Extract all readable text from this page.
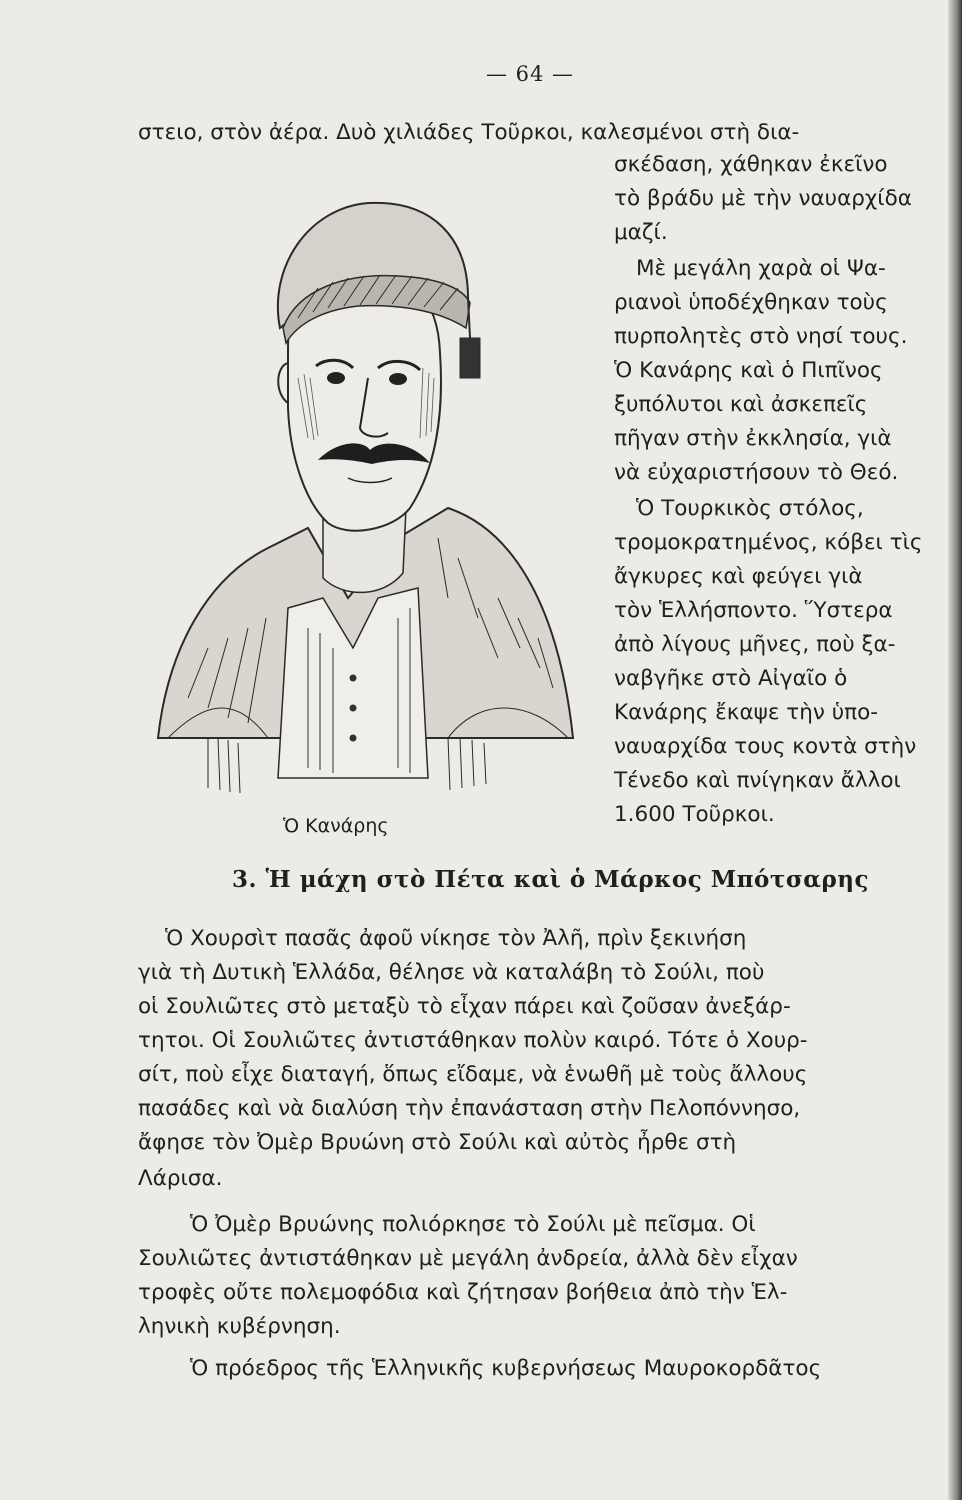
— 64 —
στειο, στὸν ἀέρα. Δυὸ χιλιάδες Τοῦρκοι, καλεσμένοι στὴ δια-
σκέδαση, χάθηκαν ἐκεῖνο
τὸ βράδυ μὲ τὴν ναυαρχίδα
μαζί.
Μὲ μεγάλη χαρὰ οἱ Ψα-
ριανοὶ ὑποδέχθηκαν τοὺς
πυρπολητὲς στὸ νησί τους.
Ὁ Κανάρης καὶ ὁ Πιπῖνος
ξυπόλυτοι καὶ ἀσκεπεῖς
πῆγαν στὴν ἐκκλησία, γιὰ
νὰ εὐχαριστήσουν τὸ Θεό.
Ὁ Τουρκικὸς στόλος,
τρομοκρατημένος, κόβει τὶς
ἄγκυρες καὶ φεύγει γιὰ
τὸν Ἑλλήσποντο. Ὕστερα
ἀπὸ λίγους μῆνες, ποὺ ξα-
ναβγῆκε στὸ Αἰγαῖο ὁ
Κανάρης ἔκαψε τὴν ὑπο-
ναυαρχίδα τους κοντὰ στὴν
Τένεδο καὶ πνίγηκαν ἄλλοι
1.600 Τοῦρκοι.
Ὁ Κανάρης
3. Ἡ μάχη στὸ Πέτα καὶ ὁ Μάρκος Μπότσαρης
Ὁ Χουρσὶτ πασᾶς ἀφοῦ νίκησε τὸν Ἀλῆ, πρὶν ξεκινήση
γιὰ τὴ Δυτικὴ Ἑλλάδα, θέλησε νὰ καταλάβη τὸ Σούλι, ποὺ
οἱ Σουλιῶτες στὸ μεταξὺ τὸ εἶχαν πάρει καὶ ζοῦσαν ἀνεξάρ-
τητοι. Οἱ Σουλιῶτες ἀντιστάθηκαν πολὺν καιρό. Τότε ὁ Χουρ-
σίτ, ποὺ εἶχε διαταγή, ὅπως εἴδαμε, νὰ ἑνωθῆ μὲ τοὺς ἄλλους
πασάδες καὶ νὰ διαλύση τὴν ἐπανάσταση στὴν Πελοπόννησο,
ἄφησε τὸν Ὀμὲρ Βρυώνη στὸ Σούλι καὶ αὐτὸς ἦρθε στὴ
Λάρισα.
Ὁ Ὀμὲρ Βρυώνης πολιόρκησε τὸ Σούλι μὲ πεῖσμα. Οἱ
Σουλιῶτες ἀντιστάθηκαν μὲ μεγάλη ἀνδρεία, ἀλλὰ δὲν εἶχαν
τροφὲς οὔτε πολεμοφόδια καὶ ζήτησαν βοήθεια ἀπὸ τὴν Ἑλ-
ληνικὴ κυβέρνηση.
Ὁ πρόεδρος τῆς Ἑλληνικῆς κυβερνήσεως Μαυροκορδᾶτος
